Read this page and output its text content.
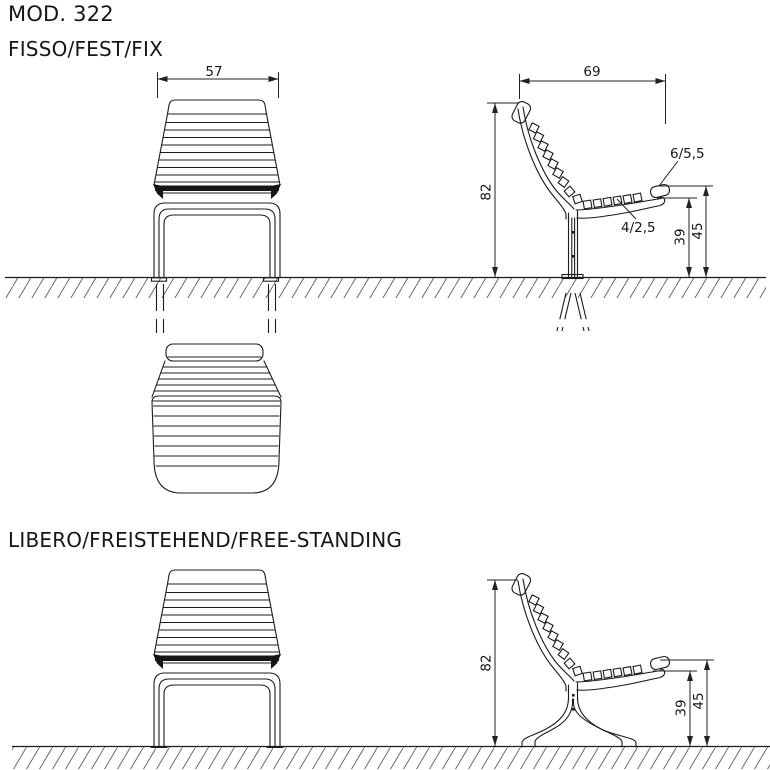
MOD. 322
FISSO/FEST/FIX
LIBERO/FREISTEHEND/FREE-STANDING
57	69
82
39 45
6/5,5
4/2,5
82
39 45
